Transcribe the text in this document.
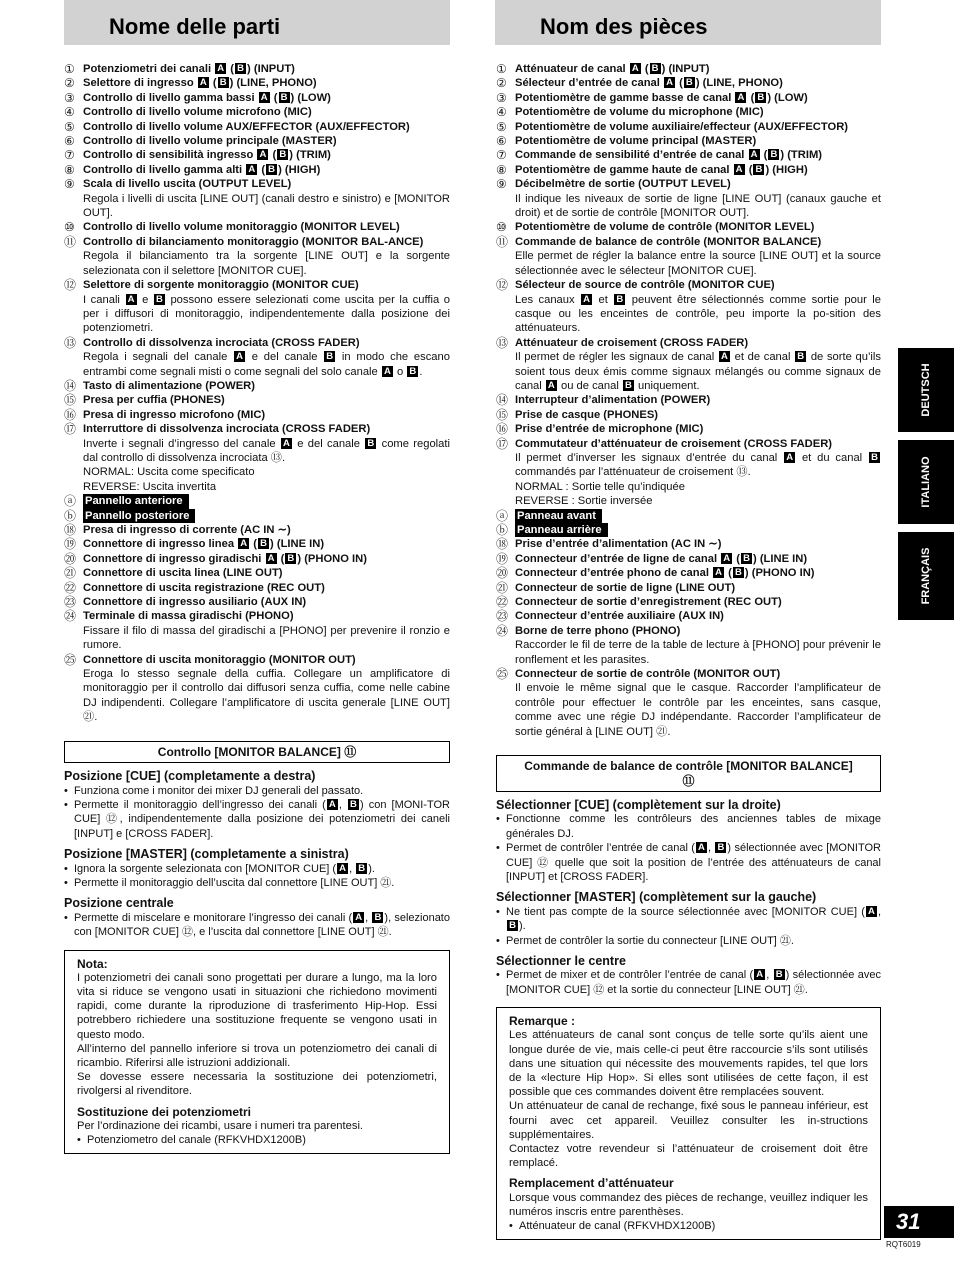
Nome delle parti	Nom des pièces

① Potenziometri dei canali A ( B ) (INPUT)

② Selettore di ingresso A ( B ) (LINE, PHONO)

③ Controllo di livello gamma bassi A ( B ) (LOW)

④ Controllo di livello volume microfono (MIC)

⑤ Controllo di livello volume AUX/EFFECTOR (AUX/EFFECTOR)

⑥ Controllo di livello volume principale (MASTER)

⑦ Controllo di sensibilità ingresso A ( B ) (TRIM)

⑧ Controllo di livello gamma alti A ( B ) (HIGH)

⑨ Scala di livello uscita (OUTPUT LEVEL)

Regola i livelli di uscita [LINE OUT] (canali destro e sinistro) e [MONITOR OUT].

⑩ Controllo di livello volume monitoraggio (MONITOR LEVEL)

⑪ Controllo di bilanciamento monitoraggio (MONITOR BAL-ANCE)

Regola il bilanciamento tra la sorgente [LINE OUT] e la sorgente selezionata con il selettore [MONITOR CUE].

⑫ Selettore di sorgente monitoraggio (MONITOR CUE)

I canali A e B possono essere selezionati come uscita per la cuffia o per i diffusori di monitoraggio, indipendentemente dalla posizione dei potenziometri.

⑬ Controllo di dissolvenza incrociata (CROSS FADER)

Regola i segnali del canale A e del canale B in modo che escano entrambi come segnali misti o come segnali del solo canale A o B .

⑭ Tasto di alimentazione (POWER)

⑮ Presa per cuffia (PHONES)

⑯ Presa di ingresso microfono (MIC)

⑰ Interruttore di dissolvenza incrociata (CROSS FADER)

Inverte i segnali d’ingresso del canale A e del canale B come regolati dal controllo di dissolvenza incrociata ⑬.

NORMAL: Uscita come specificato

REVERSE: Uscita invertita

ⓐ Pannello anteriore

ⓑ Pannello posteriore

⑱ Presa di ingresso di corrente (AC IN ∼)

⑲ Connettore di ingresso linea A ( B ) (LINE IN)

⑳ Connettore di ingresso giradischi A ( B ) (PHONO IN)

㉑ Connettore di uscita linea (LINE OUT)

㉒ Connettore di uscita registrazione (REC OUT)

㉓ Connettore di ingresso ausiliario (AUX IN)

㉔ Terminale di massa giradischi (PHONO)

Fissare il filo di massa del giradischi a [PHONO] per prevenire il ronzio e rumore.

㉕ Connettore di uscita monitoraggio (MONITOR OUT)

Eroga lo stesso segnale della cuffia. Collegare un amplificatore di monitoraggio per il controllo dai diffusori senza cuffia, come nelle cabine DJ indipendenti. Collegare l’amplificatore di uscita generale [LINE OUT] ㉑.

Controllo [MONITOR BALANCE] ⑪

Posizione [CUE] (completamente a destra)

• Funziona come i monitor dei mixer DJ generali del passato.

• Permette il monitoraggio dell’ingresso dei canali ( A , B ) con [MONI-TOR CUE] ⑫, indipendentemente dalla posizione dei potenziometri dei caneli [INPUT] e [CROSS FADER].

Posizione [MASTER] (completamente a sinistra)

• Ignora la sorgente selezionata con [MONITOR CUE] ( A , B ).

• Permette il monitoraggio dell’uscita dal connettore [LINE OUT] ㉑.

Posizione centrale

• Permette di miscelare e monitorare l’ingresso dei canali ( A , B ), selezionato con [MONITOR CUE] ⑫, e l’uscita dal connettore [LINE OUT] ㉑.

Nota:

I potenziometri dei canali sono progettati per durare a lungo, ma la loro vita si riduce se vengono usati in situazioni che richiedono movimenti rapidi, come durante la riproduzione di trasferimento Hip-Hop. Essi potrebbero richiedere una sostituzione frequente se vengono usati in questo modo.

All’interno del pannello inferiore si trova un potenziometro dei canali di ricambio. Riferirsi alle istruzioni addizionali.

Se dovesse essere necessaria la sostituzione dei potenziometri, rivolgersi al rivenditore.

Sostituzione dei potenziometri

Per l’ordinazione dei ricambi, usare i numeri tra parentesi.

• Potenziometro del canale (RFKVHDX1200B)

① Atténuateur de canal A ( B ) (INPUT)

② Sélecteur d’entrée de canal A ( B ) (LINE, PHONO)

③ Potentiomètre de gamme basse de canal A ( B ) (LOW)

④ Potentiomètre de volume du microphone (MIC)

⑤ Potentiomètre de volume auxiliaire/effecteur (AUX/EFFECTOR)

⑥ Potentiomètre de volume principal (MASTER)

⑦ Commande de sensibilité d’entrée de canal A ( B ) (TRIM)

⑧ Potentiomètre de gamme haute de canal A ( B ) (HIGH)

⑨ Décibelmètre de sortie (OUTPUT LEVEL)

Il indique les niveaux de sortie de ligne [LINE OUT] (canaux gauche et droit) et de sortie de contrôle [MONITOR OUT].

⑩ Potentiomètre de volume de contrôle (MONITOR LEVEL)

⑪ Commande de balance de contrôle (MONITOR BALANCE)

Elle permet de régler la balance entre la source [LINE OUT] et la source sélectionnée avec le sélecteur [MONITOR CUE].

⑫ Sélecteur de source de contrôle (MONITOR CUE)

Les canaux A et B peuvent être sélectionnés comme sortie pour le casque ou les enceintes de contrôle, peu importe la po-sition des atténuateurs.

⑬ Atténuateur de croisement (CROSS FADER)

Il permet de régler les signaux de canal A et de canal B de sorte qu’ils soient tous deux émis comme signaux mélangés ou comme signaux de canal A ou de canal B uniquement.

⑭ Interrupteur d’alimentation (POWER)

⑮ Prise de casque (PHONES)

⑯ Prise d’entrée de microphone (MIC)

⑰ Commutateur d’atténuateur de croisement (CROSS FADER)

Il permet d’inverser les signaux d’entrée du canal A et du canal B commandés par l’atténuateur de croisement ⑬.

NORMAL : Sortie telle qu’indiquée

REVERSE : Sortie inversée

ⓐ Panneau avant

ⓑ Panneau arrière

⑱ Prise d’entrée d’alimentation (AC IN ∼)

⑲ Connecteur d’entrée de ligne de canal A ( B ) (LINE IN)

⑳ Connecteur d’entrée phono de canal A ( B ) (PHONO IN)

㉑ Connecteur de sortie de ligne (LINE OUT)

㉒ Connecteur de sortie d’enregistrement (REC OUT)

㉓ Connecteur d’entrée auxiliaire (AUX IN)

㉔ Borne de terre phono (PHONO)

Raccorder le fil de terre de la table de lecture à [PHONO] pour prévenir le ronflement et les parasites.

㉕ Connecteur de sortie de contrôle (MONITOR OUT)

Il envoie le même signal que le casque. Raccorder l’amplificateur de contrôle pour effectuer le contrôle par les enceintes, sans casque, comme avec une régie DJ indépendante. Raccorder l’amplificateur de sortie général à [LINE OUT] ㉑.

Commande de balance de contrôle [MONITOR BALANCE] ⑪

Sélectionner [CUE] (complètement sur la droite)

• Fonctionne comme les contrôleurs des anciennes tables de mixage générales DJ.

• Permet de contrôler l’entrée de canal ( A , B ) sélectionnée avec [MONITOR CUE] ⑫ quelle que soit la position de l’entrée des atténuateurs de canal [INPUT] et [CROSS FADER].

Sélectionner [MASTER] (complètement sur la gauche)

• Ne tient pas compte de la source sélectionnée avec [MONITOR CUE] ( A , B ).

• Permet de contrôler la sortie du connecteur [LINE OUT] ㉑.

Sélectionner le centre

• Permet de mixer et de contrôler l’entrée de canal ( A , B ) sélectionnée avec [MONITOR CUE] ⑫ et la sortie du connecteur [LINE OUT] ㉑.

Remarque :

Les atténuateurs de canal sont conçus de telle sorte qu’ils aient une longue durée de vie, mais celle-ci peut être raccourcie s’ils sont utilisés dans une situation qui nécessite des mouvements rapides, tel que lors de la «lecture Hip Hop». Si elles sont utilisées de cette façon, il est possible que ces commandes doivent être remplacées souvent.

Un atténuateur de canal de rechange, fixé sous le panneau inférieur, est fourni avec cet appareil. Veuillez consulter les in-structions supplémentaires.

Contactez votre revendeur si l’atténuateur de croisement doit être remplacé.

Remplacement d’atténuateur

Lorsque vous commandez des pièces de rechange, veuillez indiquer les numéros inscris entre parenthèses.

• Atténuateur de canal (RFKVHDX1200B)

DEUTSCH
ITALIANO
FRANÇAIS
31
RQT6019
